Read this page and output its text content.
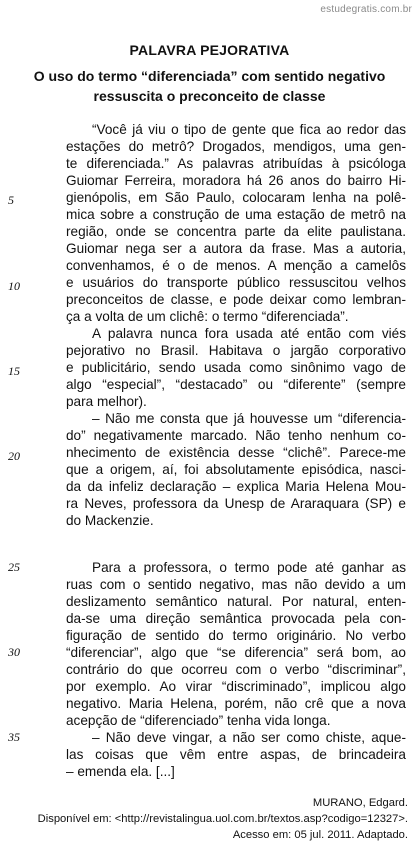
estudegratis.com.br
PALAVRA PEJORATIVA
O uso do termo “diferenciada” com sentido negativo
ressuscita o preconceito de classe
“Você já viu o tipo de gente que fica ao redor das
estações do metrô? Drogados, mendigos, uma gen-
te diferenciada.” As palavras atribuídas à psicóloga
Guiomar Ferreira, moradora há 26 anos do bairro Hi-
gienópolis, em São Paulo, colocaram lenha na polê-
mica sobre a construção de uma estação de metrô na
região, onde se concentra parte da elite paulistana.
Guiomar nega ser a autora da frase. Mas a autoria,
convenhamos, é o de menos. A menção a camelôs
e usuários do transporte público ressuscitou velhos
preconceitos de classe, e pode deixar como lembran-
ça a volta de um clichê: o termo “diferenciada”.
A palavra nunca fora usada até então com viés
pejorativo no Brasil. Habitava o jargão corporativo
e publicitário, sendo usada como sinônimo vago de
algo “especial”, “destacado” ou “diferente” (sempre
para melhor).
– Não me consta que já houvesse um “diferencia-
do” negativamente marcado. Não tenho nenhum co-
nhecimento de existência desse “clichê”. Parece-me
que a origem, aí, foi absolutamente episódica, nasci-
da da infeliz declaração – explica Maria Helena Mou-
ra Neves, professora da Unesp de Araraquara (SP) e
do Mackenzie.
Para a professora, o termo pode até ganhar as
ruas com o sentido negativo, mas não devido a um
deslizamento semântico natural. Por natural, enten-
da-se uma direção semântica provocada pela con-
figuração de sentido do termo originário. No verbo
“diferenciar”, algo que “se diferencia” será bom, ao
contrário do que ocorreu com o verbo “discriminar”,
por exemplo. Ao virar “discriminado”, implicou algo
negativo. Maria Helena, porém, não crê que a nova
acepção de “diferenciado” tenha vida longa.
– Não deve vingar, a não ser como chiste, aque-
las coisas que vêm entre aspas, de brincadeira
– emenda ela. [...]
5
10
15
20
25
30
35
MURANO, Edgard.
Disponível em: <http://revistalingua.uol.com.br/textos.asp?codigo=12327>.
Acesso em: 05 jul. 2011. Adaptado.
